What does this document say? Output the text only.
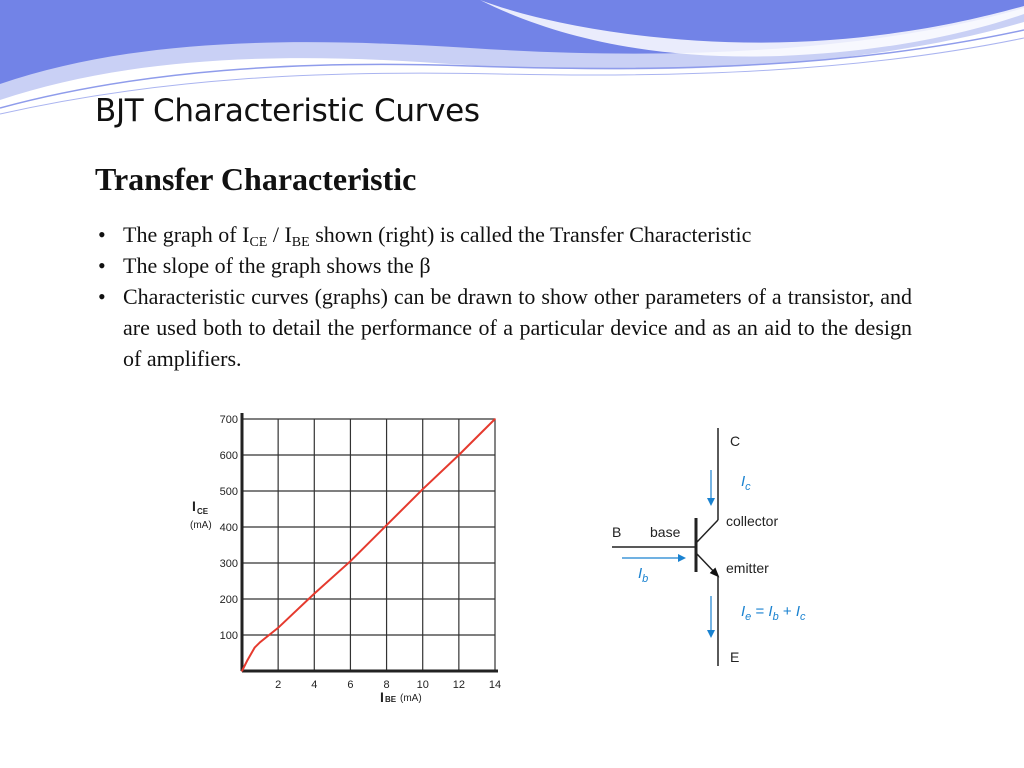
BJT Characteristic Curves
Transfer Characteristic
• The graph of $I_{CE} / I_{BE}$ shown (right) is called the Transfer Characteristic
• The slope of the graph shows the β
• Characteristic curves (graphs) can be drawn to show other parameters of a transistor, and are used both to detail the performance of a particular device and as an aid to the design of amplifiers.
2	4	6	8 10 12 14
100
200
300
400
500
600
700
I CE
(mA)
I BE (mA)
C
B
E
base
collector
emitter
$I_c$
$I_b$
$I_e = I_b + I_c$
